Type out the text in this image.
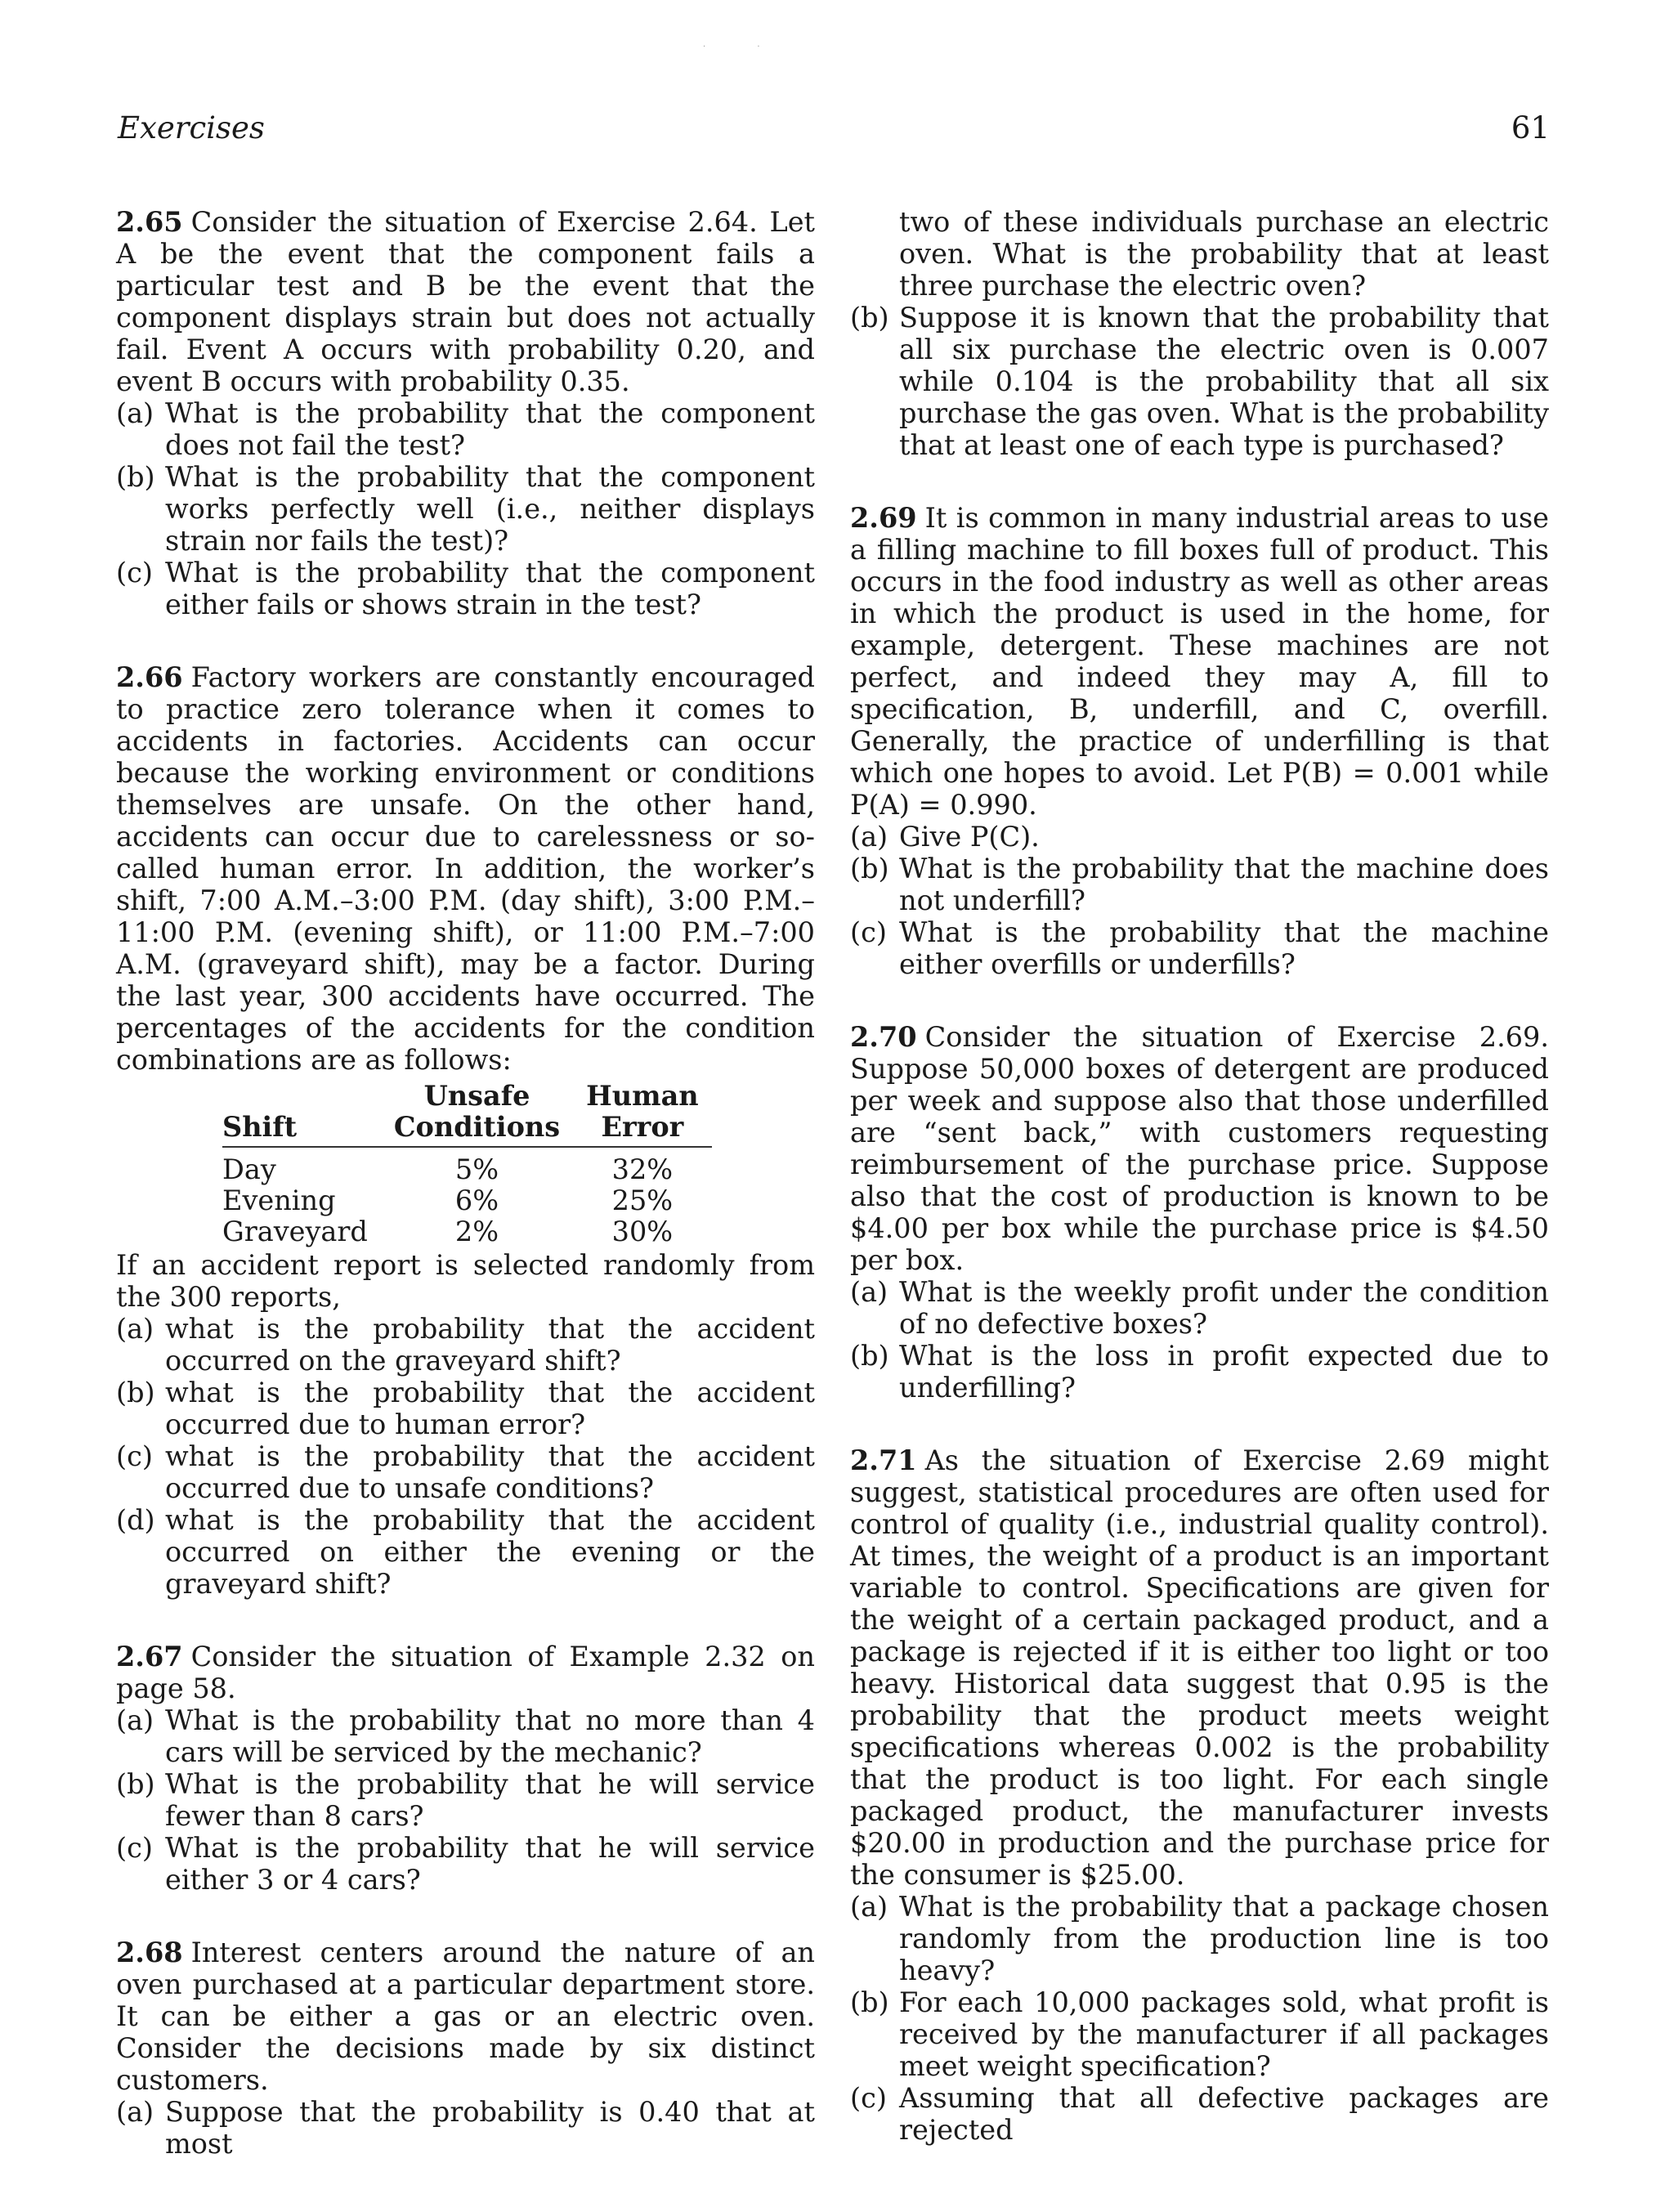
· ·
Exercises	61

2.65 Consider the situation of Exercise 2.64. Let A be the event that the component fails a particular test and B be the event that the component displays strain but does not actually fail. Event A occurs with probability 0.20, and event B occurs with probability 0.35.

(a) What is the probability that the component does not fail the test?

(b) What is the probability that the component works perfectly well (i.e., neither displays strain nor fails the test)?

(c) What is the probability that the component either fails or shows strain in the test?

2.66 Factory workers are constantly encouraged to practice zero tolerance when it comes to accidents in factories. Accidents can occur because the working environment or conditions themselves are unsafe. On the other hand, accidents can occur due to carelessness or so-called human error. In addition, the worker’s shift, 7:00 A.M.–3:00 P.M. (day shift), 3:00 P.M.–11:00 P.M. (evening shift), or 11:00 P.M.–7:00 A.M. (graveyard shift), may be a factor. During the last year, 300 accidents have occurred. The percentages of the accidents for the condition combinations are as follows:

	Unsafe	Human
Shift	Conditions	Error
Day	5%	32%
Evening	6%	25%
Graveyard	2%	30%

If an accident report is selected randomly from the 300 reports,

(a) what is the probability that the accident occurred on the graveyard shift?

(b) what is the probability that the accident occurred due to human error?

(c) what is the probability that the accident occurred due to unsafe conditions?

(d) what is the probability that the accident occurred on either the evening or the graveyard shift?

2.67 Consider the situation of Example 2.32 on page 58.

(a) What is the probability that no more than 4 cars will be serviced by the mechanic?

(b) What is the probability that he will service fewer than 8 cars?

(c) What is the probability that he will service either 3 or 4 cars?

2.68 Interest centers around the nature of an oven purchased at a particular department store. It can be either a gas or an electric oven. Consider the decisions made by six distinct customers.

(a) Suppose that the probability is 0.40 that at most

two of these individuals purchase an electric oven. What is the probability that at least three purchase the electric oven?

(b) Suppose it is known that the probability that all six purchase the electric oven is 0.007 while 0.104 is the probability that all six purchase the gas oven. What is the probability that at least one of each type is purchased?

2.69 It is common in many industrial areas to use a filling machine to fill boxes full of product. This occurs in the food industry as well as other areas in which the product is used in the home, for example, detergent. These machines are not perfect, and indeed they may A, fill to specification, B, underfill, and C, overfill. Generally, the practice of underfilling is that which one hopes to avoid. Let P(B) = 0.001 while P(A) = 0.990.

(a) Give P(C).

(b) What is the probability that the machine does not underfill?

(c) What is the probability that the machine either overfills or underfills?

2.70 Consider the situation of Exercise 2.69. Suppose 50,000 boxes of detergent are produced per week and suppose also that those underfilled are “sent back,” with customers requesting reimbursement of the purchase price. Suppose also that the cost of production is known to be $4.00 per box while the purchase price is $4.50 per box.

(a) What is the weekly profit under the condition of no defective boxes?

(b) What is the loss in profit expected due to underfilling?

2.71 As the situation of Exercise 2.69 might suggest, statistical procedures are often used for control of quality (i.e., industrial quality control). At times, the weight of a product is an important variable to control. Specifications are given for the weight of a certain packaged product, and a package is rejected if it is either too light or too heavy. Historical data suggest that 0.95 is the probability that the product meets weight specifications whereas 0.002 is the probability that the product is too light. For each single packaged product, the manufacturer invests $20.00 in production and the purchase price for the consumer is $25.00.

(a) What is the probability that a package chosen randomly from the production line is too heavy?

(b) For each 10,000 packages sold, what profit is received by the manufacturer if all packages meet weight specification?

(c) Assuming that all defective packages are rejected
